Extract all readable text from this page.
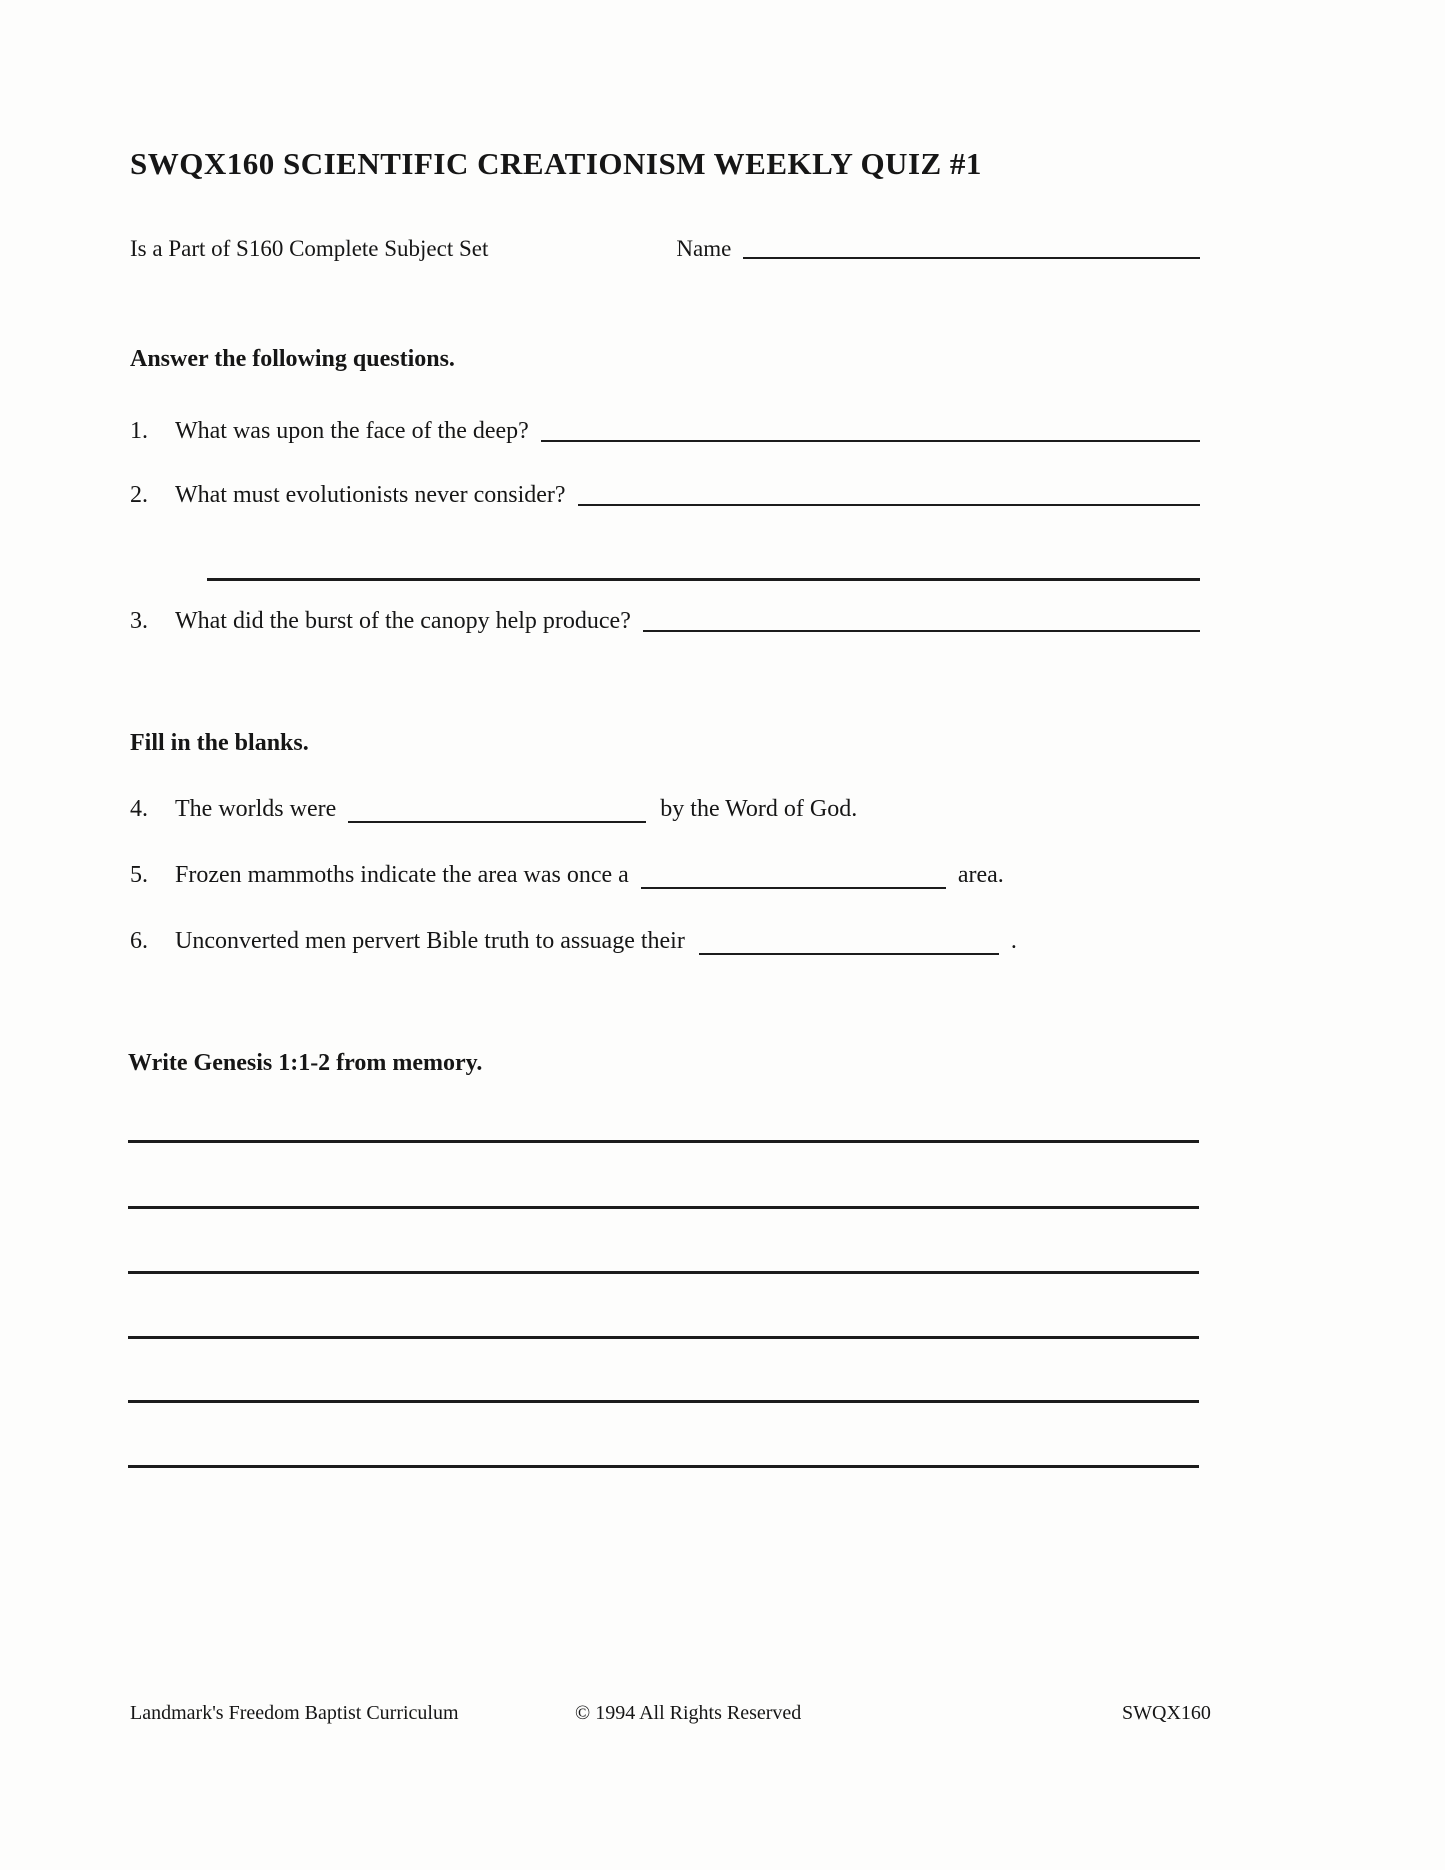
SWQX160 SCIENTIFIC CREATIONISM WEEKLY QUIZ #1
Is a Part of S160 Complete Subject Set	Name
Answer the following questions.
1.	What was upon the face of the deep?
2.	What must evolutionists never consider?
3.	What did the burst of the canopy help produce?
Fill in the blanks.
4.	The worlds were	by the Word of God.
5.	Frozen mammoths indicate the area was once a	area.
6.	Unconverted men pervert Bible truth to assuage their	.
Write Genesis 1:1-2 from memory.
Landmark's Freedom Baptist Curriculum	© 1994 All Rights Reserved	SWQX160
